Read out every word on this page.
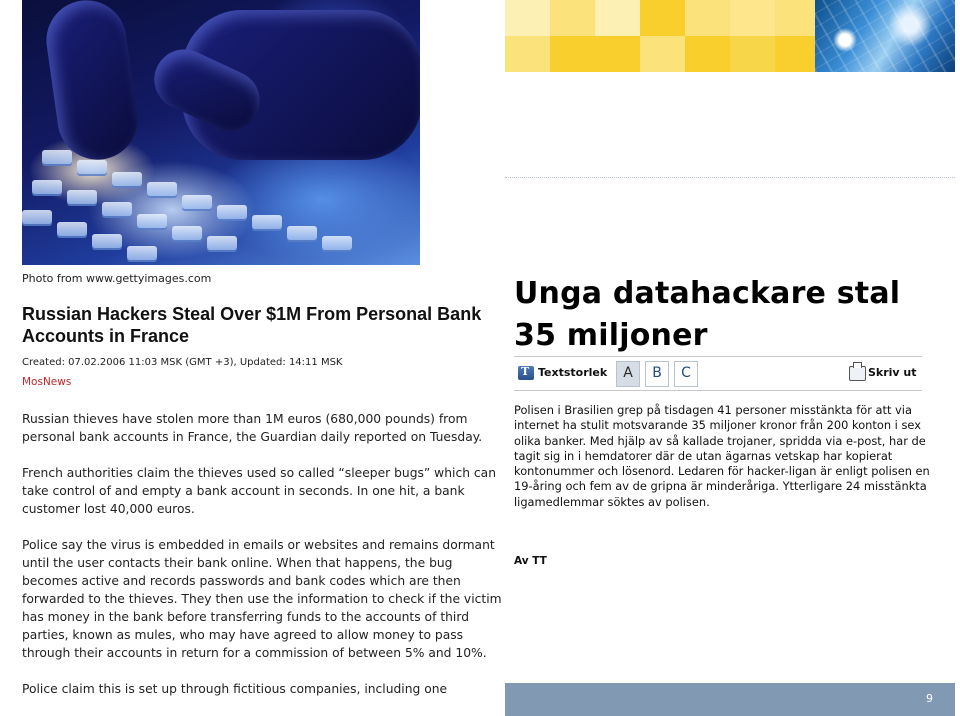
Photo from www.gettyimages.com
Russian Hackers Steal Over $1M From Personal Bank Accounts in France
Created: 07.02.2006 11:03 MSK (GMT +3), Updated: 14:11 MSK
MosNews

Russian thieves have stolen more than 1M euros (680,000 pounds) from personal bank accounts in France, the Guardian daily reported on Tuesday.

French authorities claim the thieves used so called “sleeper bugs” which can take control of and empty a bank account in seconds. In one hit, a bank customer lost 40,000 euros.

Police say the virus is embedded in emails or websites and remains dormant until the user contacts their bank online. When that happens, the bug becomes active and records passwords and bank codes which are then forwarded to the thieves. They then use the information to check if the victim has money in the bank before transferring funds to the accounts of third parties, known as mules, who may have agreed to allow money to pass through their accounts in return for a commission of between 5% and 10%.

Police claim this is set up through fictitious companies, including one

Unga datahackare stal 35 miljoner
T
Textstorlek	A	B	C	Skriv ut
Polisen i Brasilien grep på tisdagen 41 personer misstänkta för att via internet ha stulit motsvarande 35 miljoner kronor från 200 konton i sex olika banker. Med hjälp av så kallade trojaner, spridda via e-post, har de tagit sig in i hemdatorer där de utan ägarnas vetskap har kopierat kontonummer och lösenord. Ledaren för hacker-ligan är enligt polisen en 19-åring och fem av de gripna är minderåriga. Ytterligare 24 misstänkta ligamedlemmar söktes av polisen.
Av TT
9
